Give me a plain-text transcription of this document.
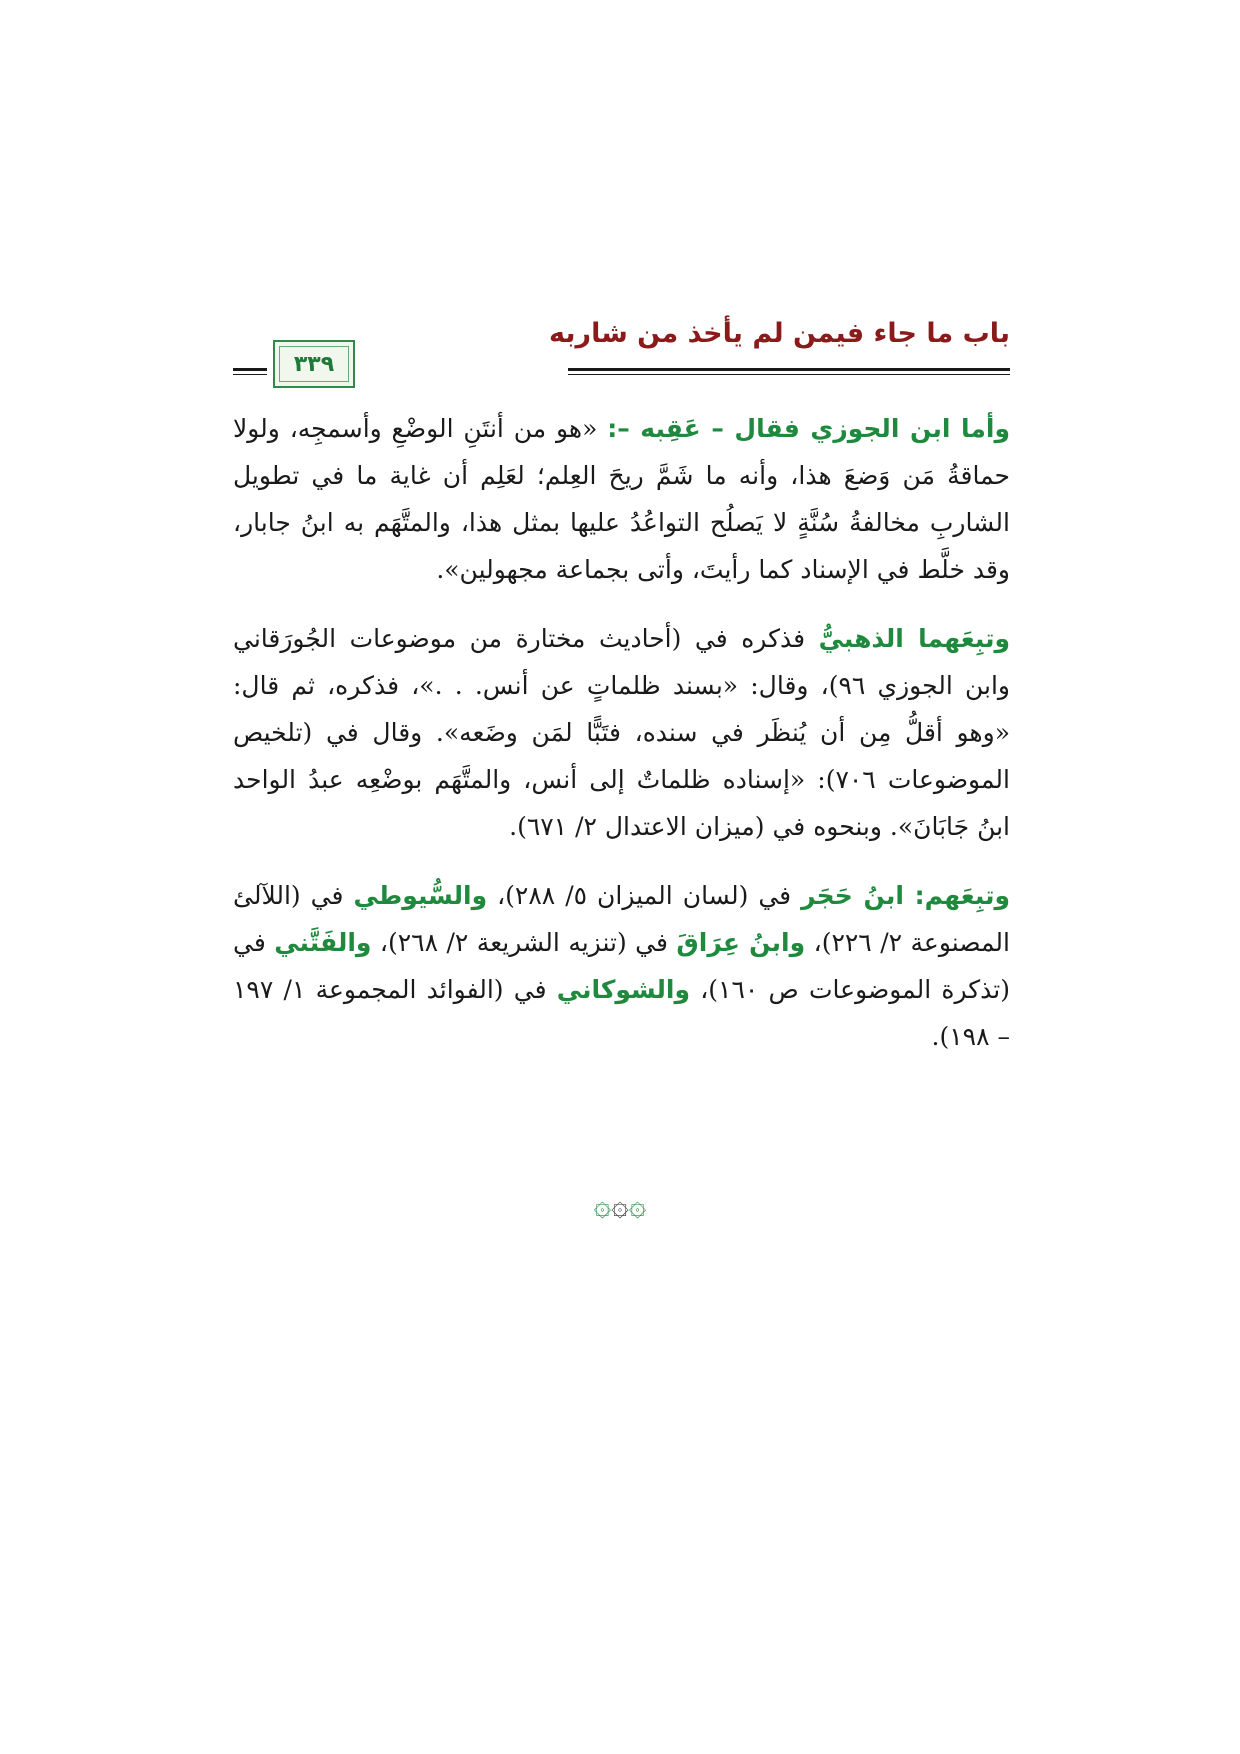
باب ما جاء فيمن لم يأخذ من شاربه
٣٣٩

وأما ابن الجوزي فقال – عَقِبه –: «هو من أنتَنِ الوضْعِ وأسمجِه، ولولا حماقةُ مَن وَضعَ هذا، وأنه ما شَمَّ ريحَ العِلم؛ لعَلِم أن غاية ما في تطويل الشاربِ مخالفةُ سُنَّةٍ لا يَصلُح التواعُدُ عليها بمثل هذا، والمتَّهَم به ابنُ جابار، وقد خلَّط في الإسناد كما رأيتَ، وأتى بجماعة مجهولين».

وتبِعَهما الذهبيُّ فذكره في (أحاديث مختارة من موضوعات الجُورَقاني وابن الجوزي ٩٦)، وقال: «بسند ظلماتٍ عن أنس. . .»، فذكره، ثم قال: «وهو أقلُّ مِن أن يُنظَر في سنده، فتَبًّا لمَن وضَعه». وقال في (تلخيص الموضوعات ٧٠٦): «إسناده ظلماتٌ إلى أنس، والمتَّهَم بوضْعِه عبدُ الواحد ابنُ جَابَانَ». وبنحوه في (ميزان الاعتدال ٢/ ٦٧١).

وتبِعَهم: ابنُ حَجَر في (لسان الميزان ٥/ ٢٨٨)، والسُّيوطي في (اللآلئ المصنوعة ٢/ ٢٢٦)، وابنُ عِرَاقَ في (تنزيه الشريعة ٢/ ٢٦٨)، والفَتَّني في (تذكرة الموضوعات ص ١٦٠)، والشوكاني في (الفوائد المجموعة ١/ ١٩٧ – ١٩٨).

۞۞۞
